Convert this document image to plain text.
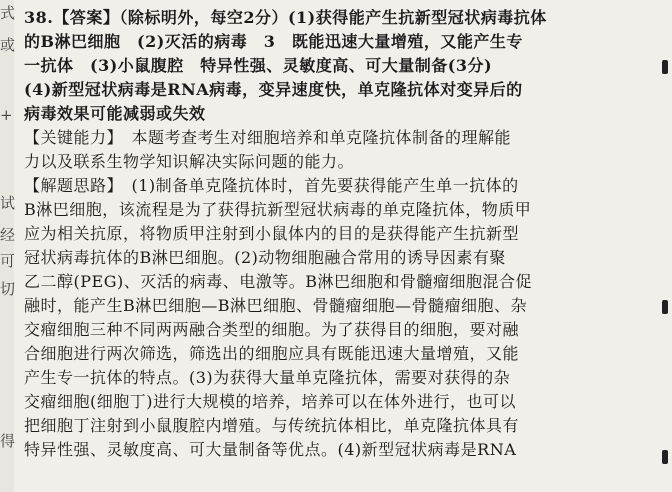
式
或
+
试
经
可
切
得
38.【答案】（除标明外，每空2分）(1)获得能产生抗新型冠状病毒抗体
的B淋巴细胞　(2)灭活的病毒　3　既能迅速大量增殖，又能产生专
一抗体　(3)小鼠腹腔　特异性强、灵敏度高、可大量制备(3分)
(4)新型冠状病毒是RNA病毒，变异速度快，单克隆抗体对变异后的
病毒效果可能减弱或失效
【关键能力】　本题考查考生对细胞培养和单克隆抗体制备的理解能
力以及联系生物学知识解决实际问题的能力。
【解题思路】　(1)制备单克隆抗体时，首先要获得能产生单一抗体的
B淋巴细胞，该流程是为了获得抗新型冠状病毒的单克隆抗体，物质甲
应为相关抗原，将物质甲注射到小鼠体内的目的是获得能产生抗新型
冠状病毒抗体的B淋巴细胞。(2)动物细胞融合常用的诱导因素有聚
乙二醇(PEG)、灭活的病毒、电激等。B淋巴细胞和骨髓瘤细胞混合促
融时，能产生B淋巴细胞—B淋巴细胞、骨髓瘤细胞—骨髓瘤细胞、杂
交瘤细胞三种不同两两融合类型的细胞。为了获得目的细胞，要对融
合细胞进行两次筛选，筛选出的细胞应具有既能迅速大量增殖，又能
产生专一抗体的特点。(3)为获得大量单克隆抗体，需要对获得的杂
交瘤细胞(细胞丁)进行大规模的培养，培养可以在体外进行，也可以
把细胞丁注射到小鼠腹腔内增殖。与传统抗体相比，单克隆抗体具有
特异性强、灵敏度高、可大量制备等优点。(4)新型冠状病毒是RNA
